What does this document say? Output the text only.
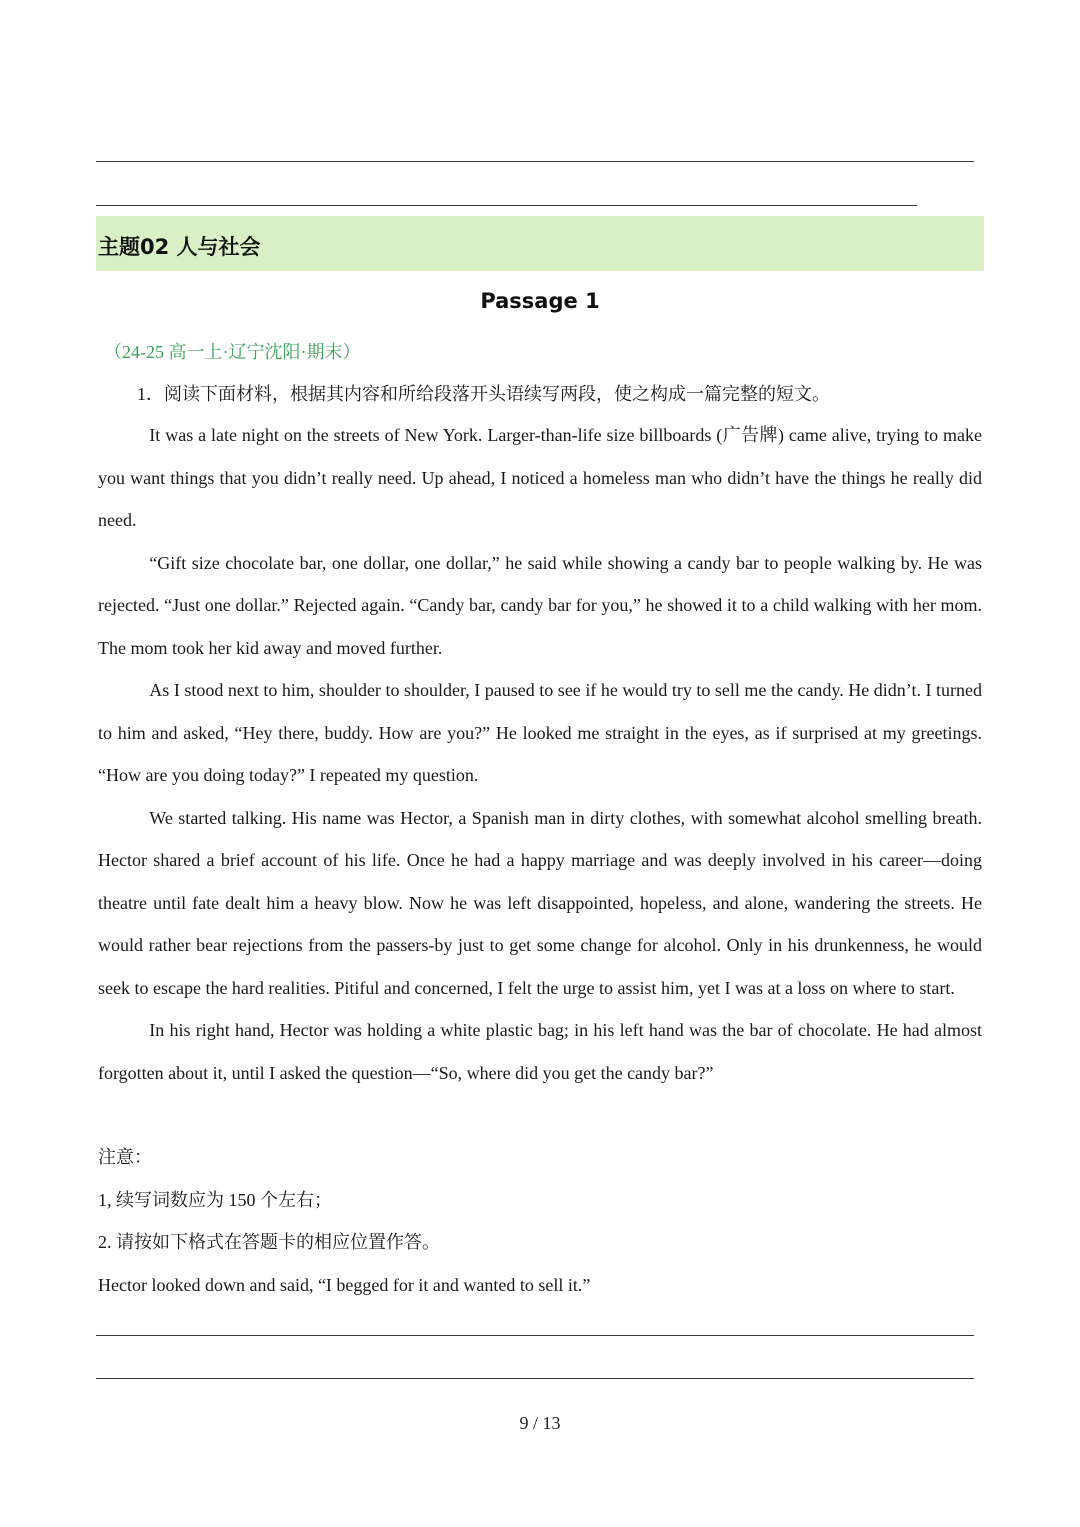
主题02 人与社会
Passage 1
（24-25 高一上·辽宁沈阳·期末）
1．阅读下面材料，根据其内容和所给段落开头语续写两段，使之构成一篇完整的短文。

It was a late night on the streets of New York. Larger-than-life size billboards (广告牌) came alive, trying to make you want things that you didn’t really need. Up ahead, I noticed a homeless man who didn’t have the things he really did need.

“Gift size chocolate bar, one dollar, one dollar,” he said while showing a candy bar to people walking by. He was rejected. “Just one dollar.” Rejected again. “Candy bar, candy bar for you,” he showed it to a child walking with her mom. The mom took her kid away and moved further.

As I stood next to him, shoulder to shoulder, I paused to see if he would try to sell me the candy. He didn’t. I turned to him and asked, “Hey there, buddy. How are you?” He looked me straight in the eyes, as if surprised at my greetings. “How are you doing today?” I repeated my question.

We started talking. His name was Hector, a Spanish man in dirty clothes, with somewhat alcohol smelling breath. Hector shared a brief account of his life. Once he had a happy marriage and was deeply involved in his career—doing theatre until fate dealt him a heavy blow. Now he was left disappointed, hopeless, and alone, wandering the streets. He would rather bear rejections from the passers-by just to get some change for alcohol. Only in his drunkenness, he would seek to escape the hard realities. Pitiful and concerned, I felt the urge to assist him, yet I was at a loss on where to start.

In his right hand, Hector was holding a white plastic bag; in his left hand was the bar of chocolate. He had almost forgotten about it, until I asked the question—“So, where did you get the candy bar?”

注意：
1, 续写词数应为 150 个左右；
2. 请按如下格式在答题卡的相应位置作答。
Hector looked down and said, “I begged for it and wanted to sell it.”
9 / 13
